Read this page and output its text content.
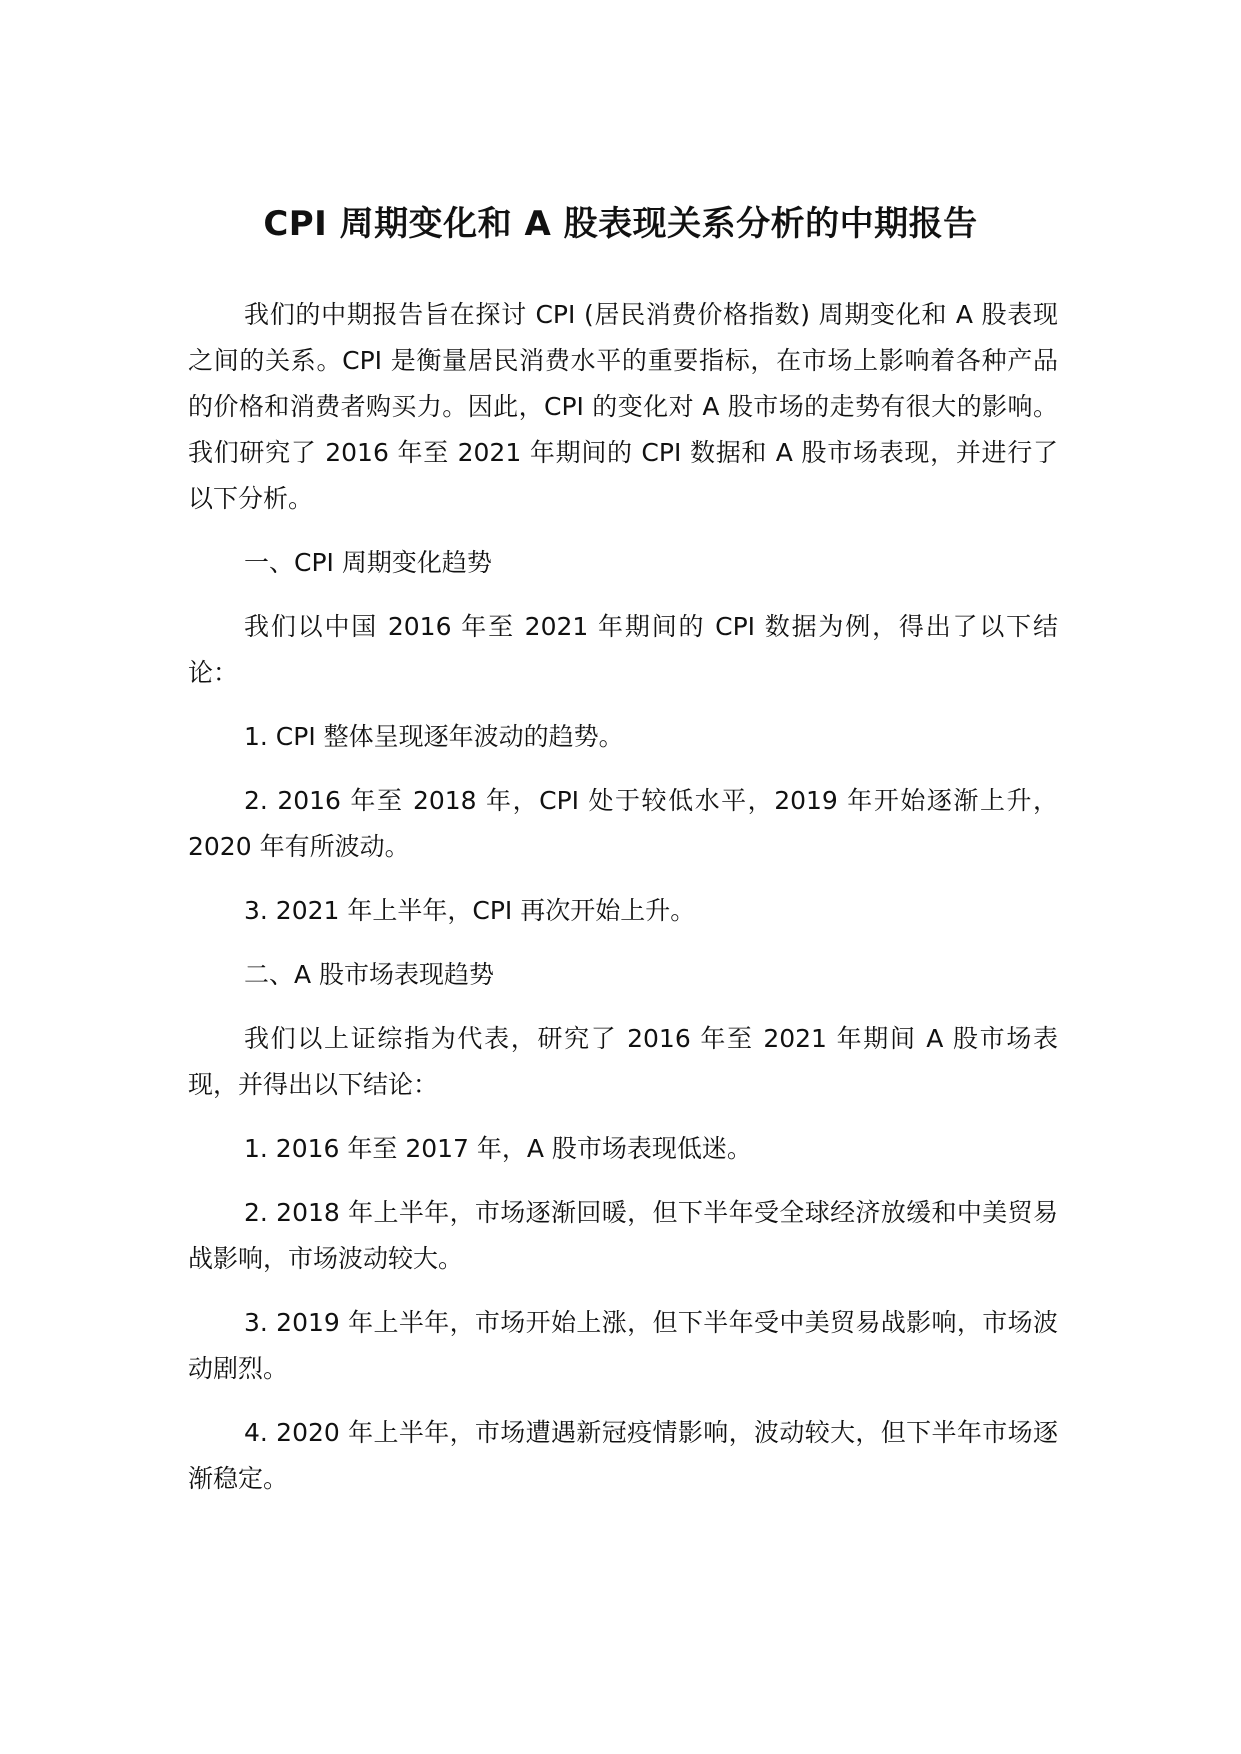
CPI 周期变化和 A 股表现关系分析的中期报告

我们的中期报告旨在探讨 CPI (居民消费价格指数) 周期变化和 A 股表现之间的关系。CPI 是衡量居民消费水平的重要指标，在市场上影响着各种产品的价格和消费者购买力。因此，CPI 的变化对 A 股市场的走势有很大的影响。我们研究了 2016 年至 2021 年期间的 CPI 数据和 A 股市场表现，并进行了以下分析。

一、CPI 周期变化趋势

我们以中国 2016 年至 2021 年期间的 CPI 数据为例，得出了以下结论：

1. CPI 整体呈现逐年波动的趋势。

2. 2016 年至 2018 年，CPI 处于较低水平，2019 年开始逐渐上升，2020 年有所波动。

3. 2021 年上半年，CPI 再次开始上升。

二、A 股市场表现趋势

我们以上证综指为代表，研究了 2016 年至 2021 年期间 A 股市场表现，并得出以下结论：

1. 2016 年至 2017 年，A 股市场表现低迷。

2. 2018 年上半年，市场逐渐回暖，但下半年受全球经济放缓和中美贸易战影响，市场波动较大。

3. 2019 年上半年，市场开始上涨，但下半年受中美贸易战影响，市场波动剧烈。

4. 2020 年上半年，市场遭遇新冠疫情影响，波动较大，但下半年市场逐渐稳定。
